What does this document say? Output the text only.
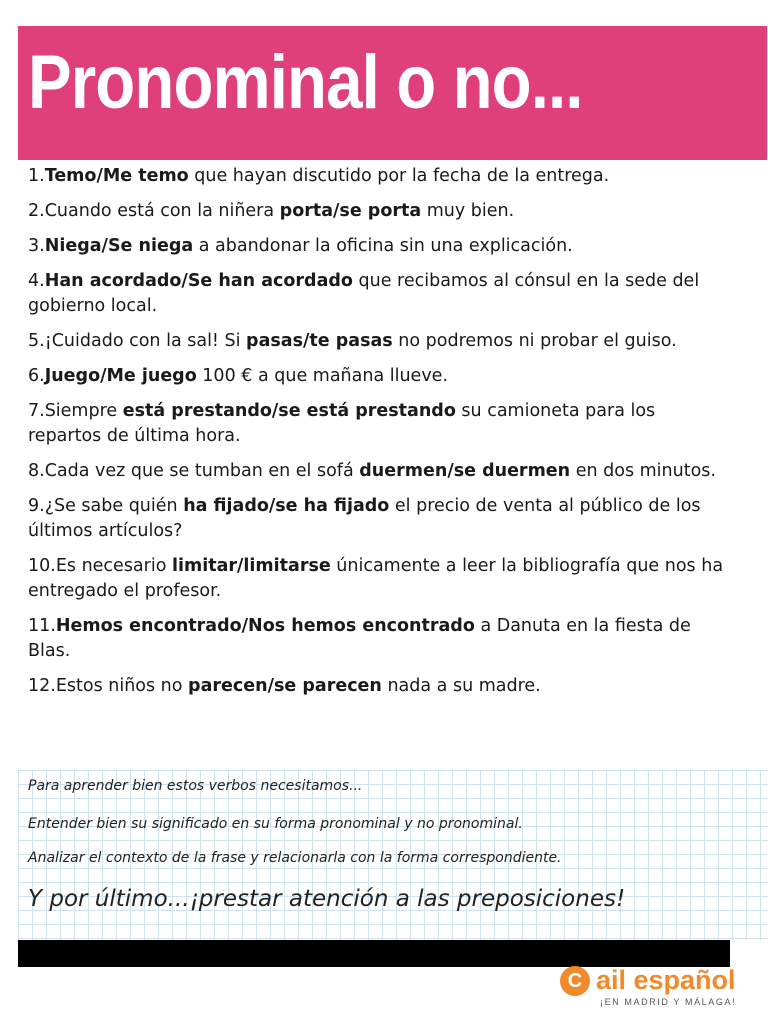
Pronominal o no...
1.Temo/Me temo que hayan discutido por la fecha de la entrega.
2.Cuando está con la niñera porta/se porta muy bien.
3.Niega/Se niega a abandonar la oficina sin una explicación.
4.Han acordado/Se han acordado que recibamos al cónsul en la sede del gobierno local.
5.¡Cuidado con la sal! Si pasas/te pasas no podremos ni probar el guiso.
6.Juego/Me juego 100 € a que mañana llueve.
7.Siempre está prestando/se está prestando su camioneta para los repartos de última hora.
8.Cada vez que se tumban en el sofá duermen/se duermen en dos minutos.
9.¿Se sabe quién ha fijado/se ha fijado el precio de venta al público de los últimos artículos?
10.Es necesario limitar/limitarse únicamente a leer la bibliografía que nos ha entregado el profesor.
11.Hemos encontrado/Nos hemos encontrado a Danuta en la fiesta de Blas.
12.Estos niños no parecen/se parecen nada a su madre.
Para aprender bien estos verbos necesitamos...
Entender bien su significado en su forma pronominal y no pronominal.
Analizar el contexto de la frase y relacionarla con la forma correspondiente.
Y por último...¡prestar atención a las preposiciones!
C ail español
¡EN MADRID Y MÁLAGA!
